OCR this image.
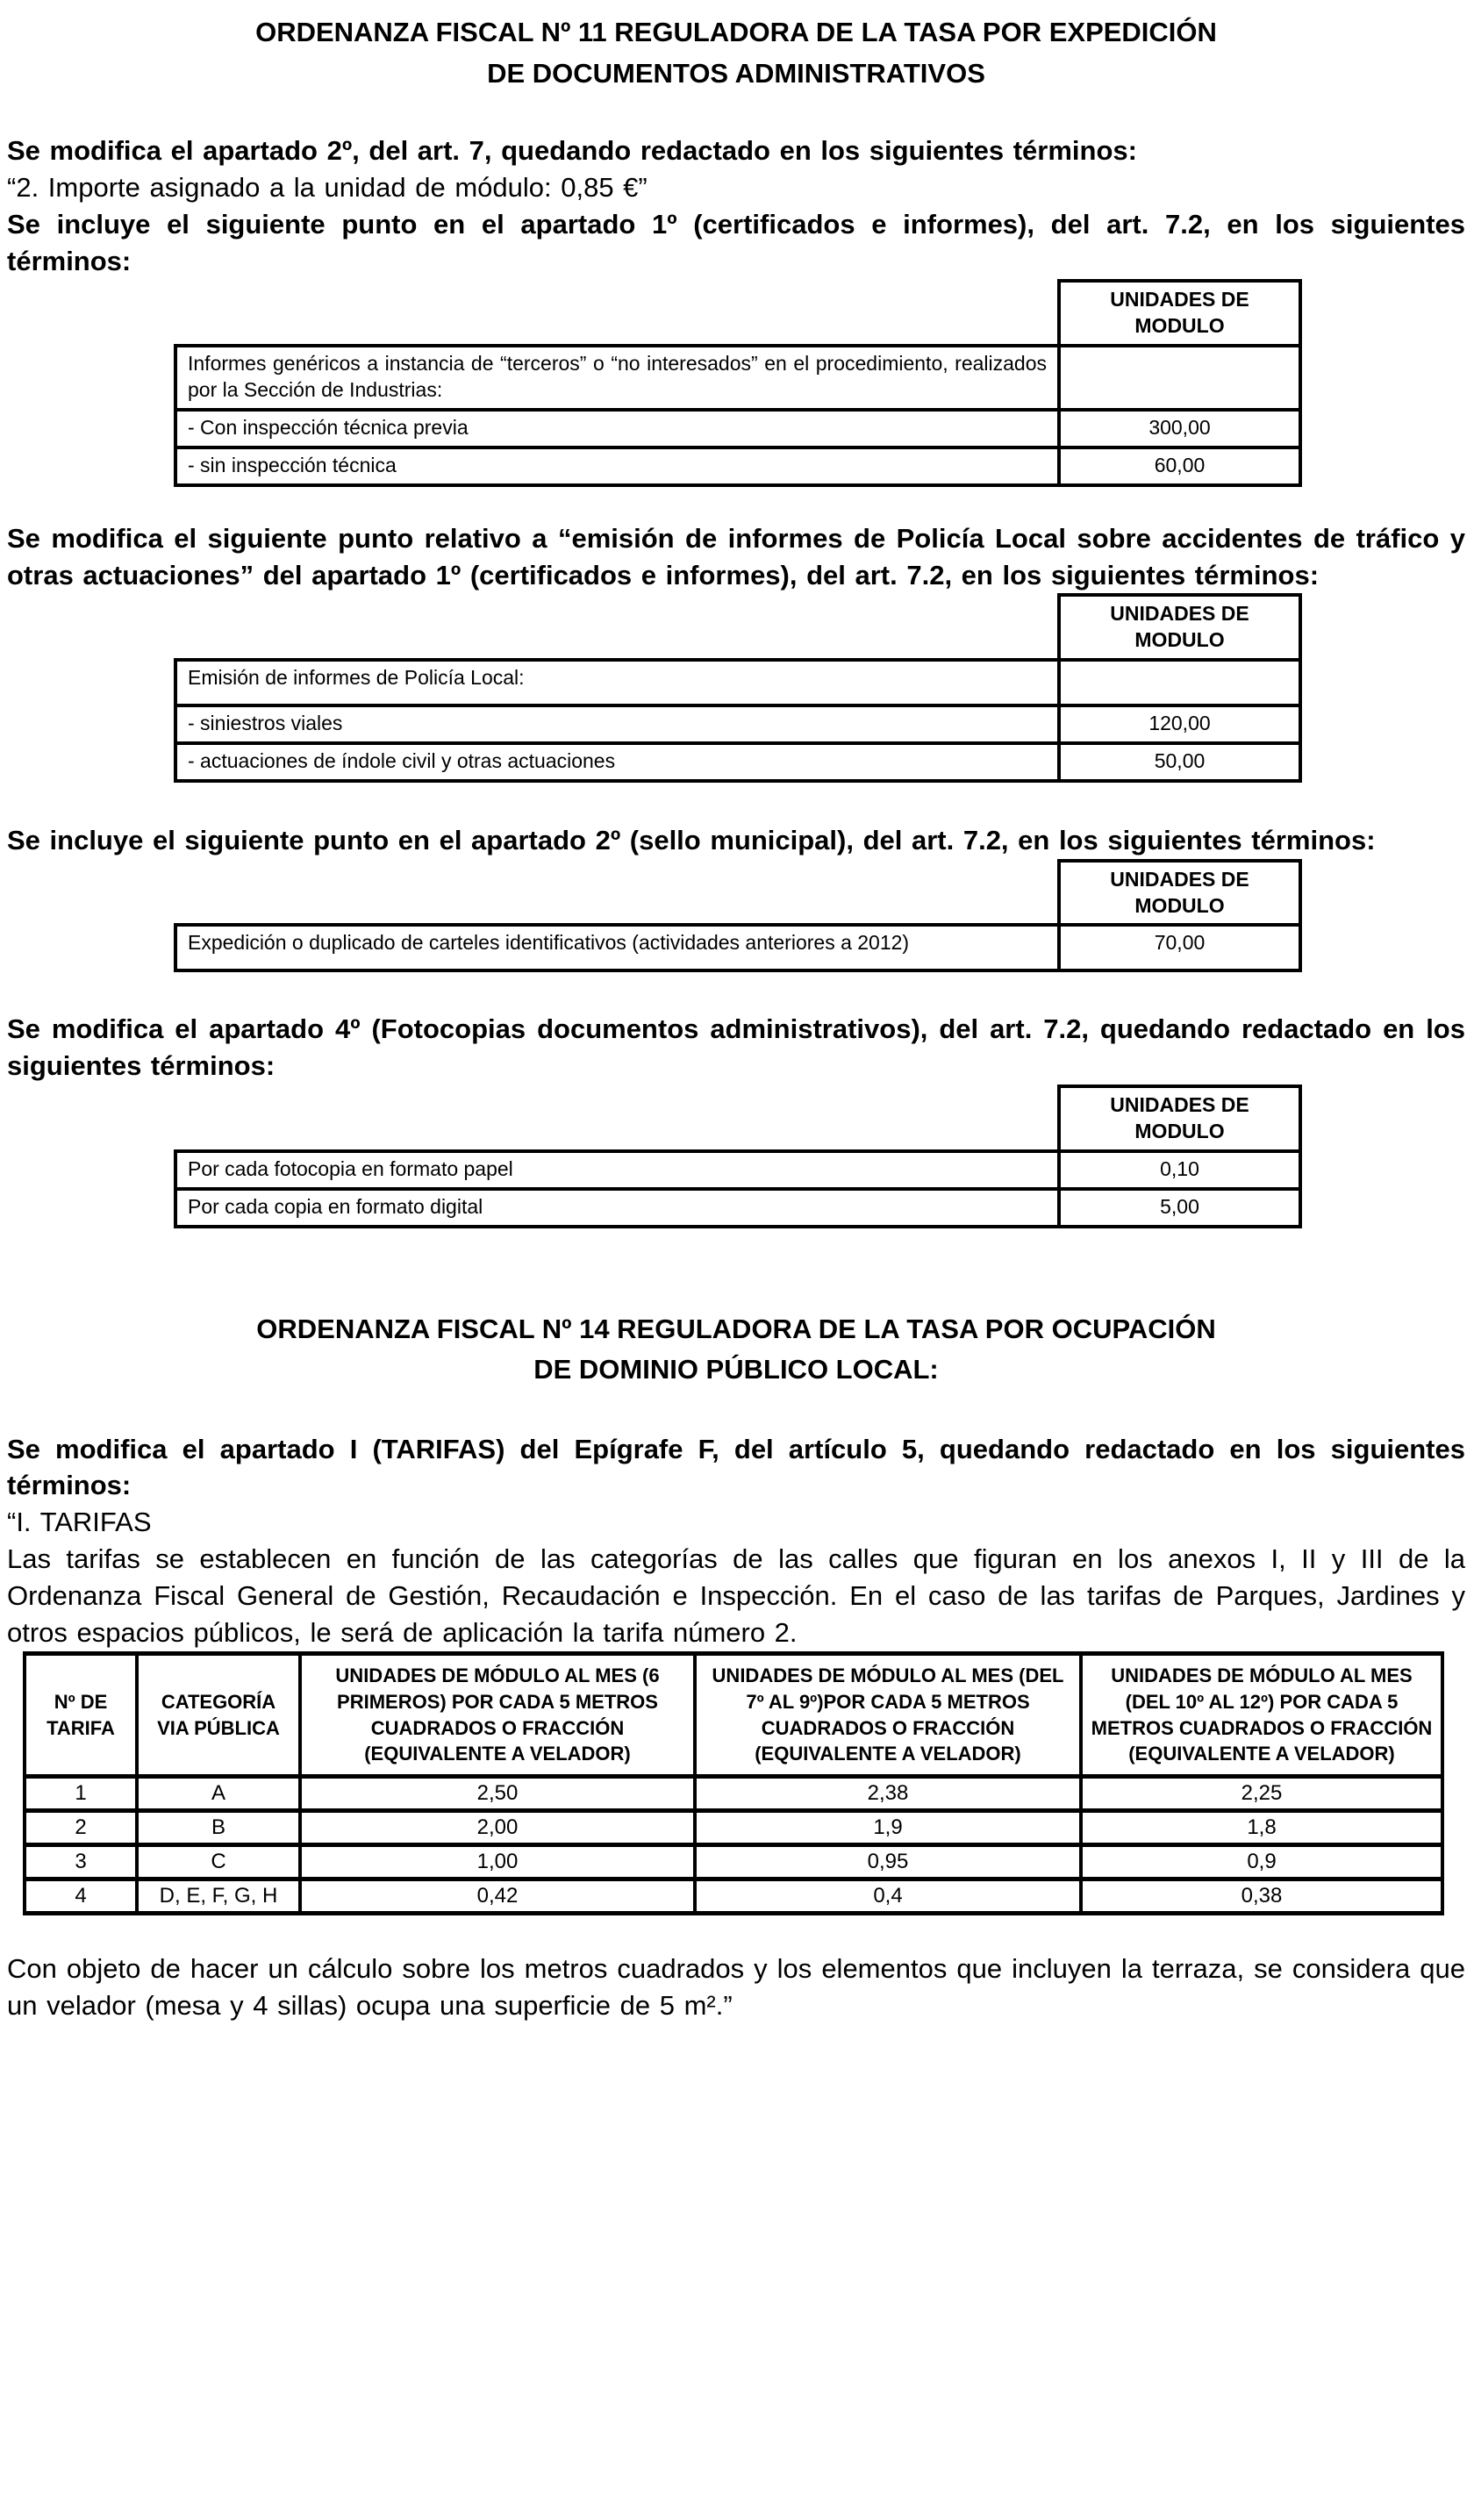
ORDENANZA FISCAL Nº 11 REGULADORA DE LA TASA POR EXPEDICIÓN
DE DOCUMENTOS ADMINISTRATIVOS

Se modifica el apartado 2º, del art. 7, quedando redactado en los siguientes términos:

“2. Importe asignado a la unidad de módulo: 0,85 €”

Se incluye el siguiente punto en el apartado 1º (certificados e informes), del art. 7.2, en los siguientes términos:

	UNIDADES DE MODULO
Informes genéricos a instancia de “terceros” o “no interesados” en el procedimiento, realizados por la Sección de Industrias:	
- Con inspección técnica previa	300,00
- sin inspección técnica	60,00

Se modifica el siguiente punto relativo a “emisión de informes de Policía Local sobre accidentes de tráfico y otras actuaciones” del apartado 1º (certificados e informes), del art. 7.2, en los siguientes términos:

	UNIDADES DE MODULO
Emisión de informes de Policía Local:	
- siniestros viales	120,00
- actuaciones de índole civil y otras actuaciones	50,00

Se incluye el siguiente punto en el apartado 2º (sello municipal), del art. 7.2, en los siguientes términos:

	UNIDADES DE MODULO
Expedición o duplicado de carteles identificativos (actividades anteriores a 2012)	70,00

Se modifica el apartado 4º (Fotocopias documentos administrativos), del art. 7.2, quedando redactado en los siguientes términos:

	UNIDADES DE MODULO
Por cada fotocopia en formato papel	0,10
Por cada copia en formato digital	5,00
ORDENANZA FISCAL Nº 14 REGULADORA DE LA TASA POR OCUPACIÓN
DE DOMINIO PÚBLICO LOCAL:

Se modifica el apartado I (TARIFAS) del Epígrafe F, del artículo 5, quedando redactado en los siguientes términos:

“I. TARIFAS

Las tarifas se establecen en función de las categorías de las calles que figuran en los anexos I, II y III de la Ordenanza Fiscal General de Gestión, Recaudación e Inspección. En el caso de las tarifas de Parques, Jardines y otros espacios públicos, le será de aplicación la tarifa número 2.

Nº DE TARIFA	CATEGORÍA VIA PÚBLICA	UNIDADES DE MÓDULO AL MES (6 PRIMEROS) POR CADA 5 METROS CUADRADOS O FRACCIÓN (EQUIVALENTE A VELADOR)	UNIDADES DE MÓDULO AL MES (DEL 7º AL 9º)POR CADA 5 METROS CUADRADOS O FRACCIÓN (EQUIVALENTE A VELADOR)	UNIDADES DE MÓDULO AL MES (DEL 10º AL 12º) POR CADA 5 METROS CUADRADOS O FRACCIÓN (EQUIVALENTE A VELADOR)
1	A	2,50	2,38	2,25
2	B	2,00	1,9	1,8
3	C	1,00	0,95	0,9
4	D, E, F, G, H	0,42	0,4	0,38

Con objeto de hacer un cálculo sobre los metros cuadrados y los elementos que incluyen la terraza, se considera que un velador (mesa y 4 sillas) ocupa una superficie de 5 m².”
